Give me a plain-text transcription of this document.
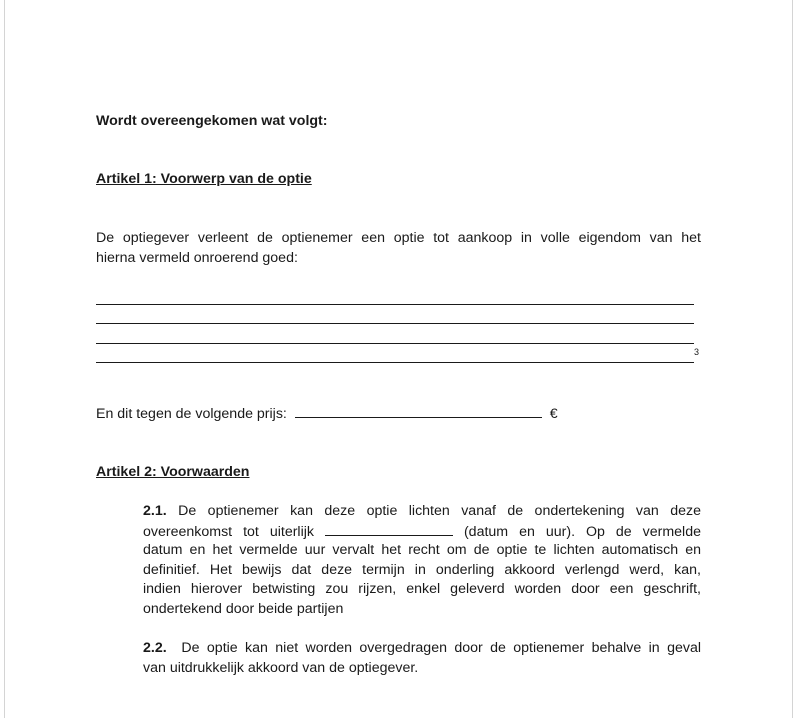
Wordt overeengekomen wat volgt:
Artikel 1: Voorwerp van de optie
De optiegever verleent de optienemer een optie tot aankoop in volle eigendom van het
hierna vermeld onroerend goed:
3
En dit tegen de volgende prijs:	€
Artikel 2: Voorwaarden
2.1. De optienemer kan deze optie lichten vanaf de ondertekening van deze
overeenkomst tot uiterlijk	(datum en uur). Op de vermelde
datum en het vermelde uur vervalt het recht om de optie te lichten automatisch en
definitief. Het bewijs dat deze termijn in onderling akkoord verlengd werd, kan,
indien hierover betwisting zou rijzen, enkel geleverd worden door een geschrift,
ondertekend door beide partijen
2.2. De optie kan niet worden overgedragen door de optienemer behalve in geval
van uitdrukkelijk akkoord van de optiegever.
